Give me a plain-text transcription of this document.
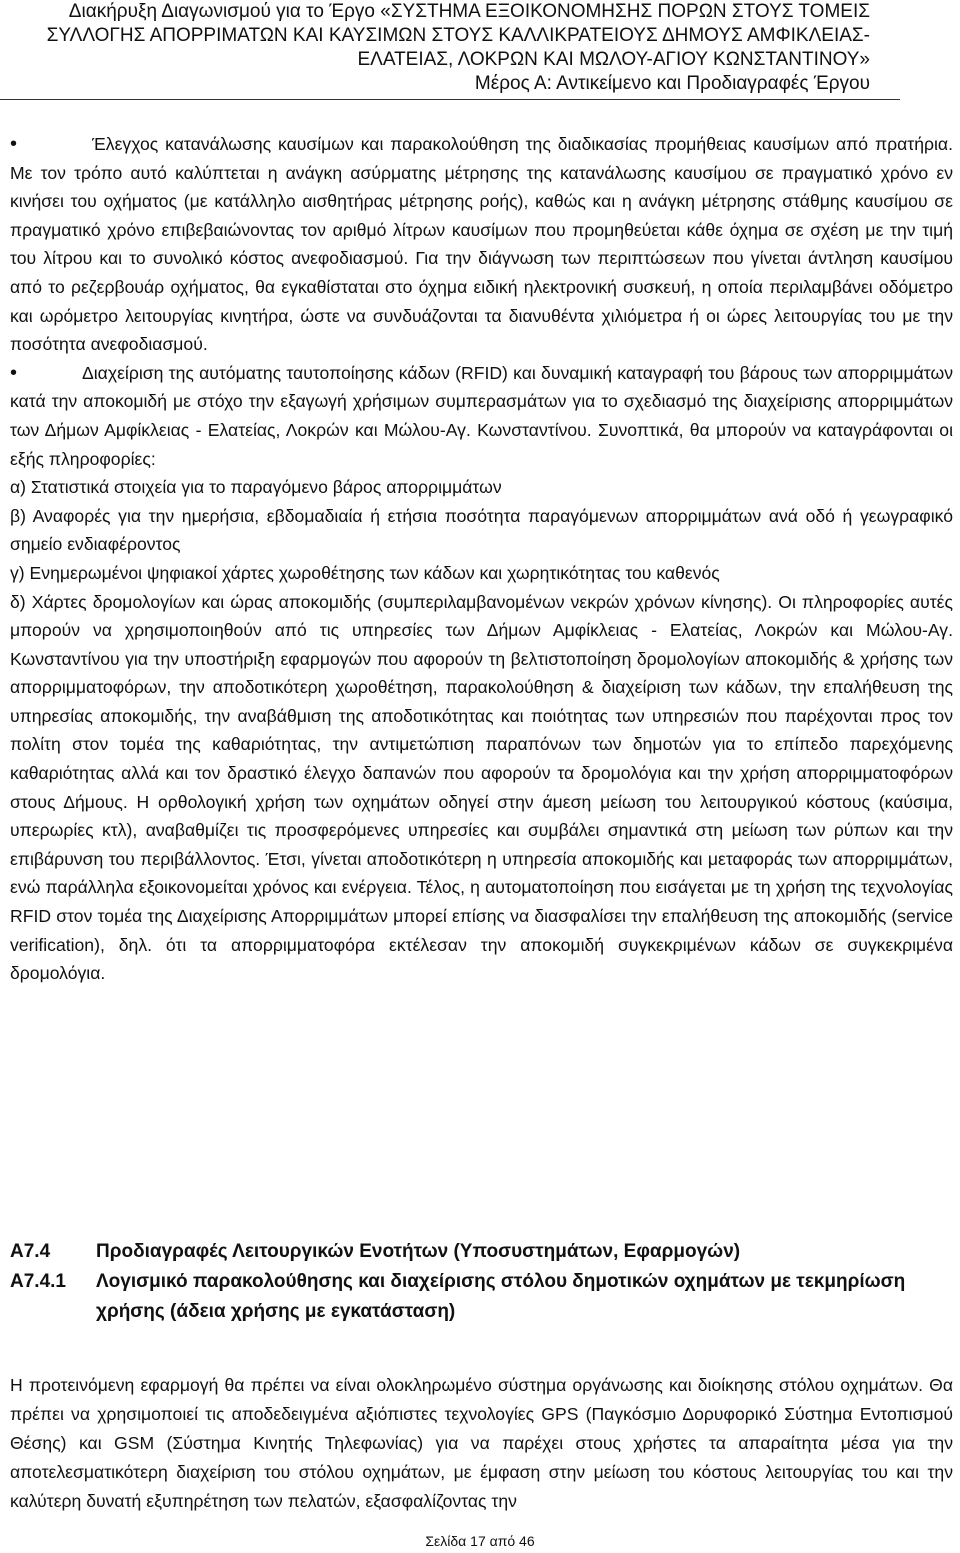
Διακήρυξη Διαγωνισμού για το Έργο «ΣΥΣΤΗΜΑ ΕΞΟΙΚΟΝΟΜΗΣΗΣ ΠΟΡΩΝ ΣΤΟΥΣ ΤΟΜΕΙΣ
ΣΥΛΛΟΓΗΣ ΑΠΟΡΡΙΜΑΤΩΝ ΚΑΙ ΚΑΥΣΙΜΩΝ ΣΤΟΥΣ ΚΑΛΛΙΚΡΑΤΕΙΟΥΣ ΔΗΜΟΥΣ ΑΜΦΙΚΛΕΙΑΣ-
ΕΛΑΤΕΙΑΣ, ΛΟΚΡΩΝ ΚΑΙ ΜΩΛΟΥ-ΑΓΙΟΥ ΚΩΝΣΤΑΝΤΙΝΟΥ»
Μέρος Α: Αντικείμενο και Προδιαγραφές Έργου

•	Έλεγχος κατανάλωσης καυσίμων και παρακολούθηση της διαδικασίας προμήθειας καυσίμων από πρατήρια. Με τον τρόπο αυτό καλύπτεται η ανάγκη ασύρματης μέτρησης της κατανάλωσης καυσίμου σε πραγματικό χρόνο εν κινήσει του οχήματος (με κατάλληλο αισθητήρας μέτρησης ροής), καθώς και η ανάγκη μέτρησης στάθμης καυσίμου σε πραγματικό χρόνο επιβεβαιώνοντας τον αριθμό λίτρων καυσίμων που προμηθεύεται κάθε όχημα σε σχέση με την τιμή του λίτρου και το συνολικό κόστος ανεφοδιασμού. Για την διάγνωση των περιπτώσεων που γίνεται άντληση καυσίμου από το ρεζερβουάρ οχήματος, θα εγκαθίσταται στο όχημα ειδική ηλεκτρονική συσκευή, η οποία περιλαμβάνει οδόμετρο και ωρόμετρο λειτουργίας κινητήρα, ώστε να συνδυάζονται τα διανυθέντα χιλιόμετρα ή οι ώρες λειτουργίας του με την ποσότητα ανεφοδιασμού.

•	Διαχείριση της αυτόματης ταυτοποίησης κάδων (RFID) και δυναμική καταγραφή του βάρους των απορριμμάτων κατά την αποκομιδή με στόχο την εξαγωγή χρήσιμων συμπερασμάτων για το σχεδιασμό της διαχείρισης απορριμμάτων των Δήμων Αμφίκλειας - Ελατείας, Λοκρών και Μώλου-Αγ. Κωνσταντίνου. Συνοπτικά, θα μπορούν να καταγράφονται οι εξής πληροφορίες:

α) Στατιστικά στοιχεία για το παραγόμενο βάρος απορριμμάτων

β) Αναφορές για την ημερήσια, εβδομαδιαία ή ετήσια ποσότητα παραγόμενων απορριμμάτων ανά οδό ή γεωγραφικό σημείο ενδιαφέροντος

γ) Ενημερωμένοι ψηφιακοί χάρτες χωροθέτησης των κάδων και χωρητικότητας του καθενός

δ) Χάρτες δρομολογίων και ώρας αποκομιδής (συμπεριλαμβανομένων νεκρών χρόνων κίνησης). Οι πληροφορίες αυτές μπορούν να χρησιμοποιηθούν από τις υπηρεσίες των Δήμων Αμφίκλειας - Ελατείας, Λοκρών και Μώλου-Αγ. Κωνσταντίνου για την υποστήριξη εφαρμογών που αφορούν τη βελτιστοποίηση δρομολογίων αποκομιδής & χρήσης των απορριμματοφόρων, την αποδοτικότερη χωροθέτηση, παρακολούθηση & διαχείριση των κάδων, την επαλήθευση της υπηρεσίας αποκομιδής, την αναβάθμιση της αποδοτικότητας και ποιότητας των υπηρεσιών που παρέχονται προς τον πολίτη στον τομέα της καθαριότητας, την αντιμετώπιση παραπόνων των δημοτών για το επίπεδο παρεχόμενης καθαριότητας αλλά και τον δραστικό έλεγχο δαπανών που αφορούν τα δρομολόγια και την χρήση απορριμματοφόρων στους Δήμους. Η ορθολογική χρήση των οχημάτων οδηγεί στην άμεση μείωση του λειτουργικού κόστους (καύσιμα, υπερωρίες κτλ), αναβαθμίζει τις προσφερόμενες υπηρεσίες και συμβάλει σημαντικά στη μείωση των ρύπων και την επιβάρυνση του περιβάλλοντος. Έτσι, γίνεται αποδοτικότερη η υπηρεσία αποκομιδής και μεταφοράς των απορριμμάτων, ενώ παράλληλα εξοικονομείται χρόνος και ενέργεια. Τέλος, η αυτοματοποίηση που εισάγεται με τη χρήση της τεχνολογίας RFID στον τομέα της Διαχείρισης Απορριμμάτων μπορεί επίσης να διασφαλίσει την επαλήθευση της αποκομιδής (service verification), δηλ. ότι τα απορριμματοφόρα εκτέλεσαν την αποκομιδή συγκεκριμένων κάδων σε συγκεκριμένα δρομολόγια.

Α7.4	Προδιαγραφές Λειτουργικών Ενοτήτων (Υποσυστημάτων, Εφαρμογών)
Α7.4.1	Λογισμικό παρακολούθησης και διαχείρισης στόλου δημοτικών οχημάτων με τεκμηρίωση χρήσης (άδεια χρήσης με εγκατάσταση)

Η προτεινόμενη εφαρμογή θα πρέπει να είναι ολοκληρωμένο σύστημα οργάνωσης και διοίκησης στόλου οχημάτων. Θα πρέπει να χρησιμοποιεί τις αποδεδειγμένα αξιόπιστες τεχνολογίες GPS (Παγκόσμιο Δορυφορικό Σύστημα Εντοπισμού Θέσης) και GSM (Σύστημα Κινητής Τηλεφωνίας) για να παρέχει στους χρήστες τα απαραίτητα μέσα για την αποτελεσματικότερη διαχείριση του στόλου οχημάτων, με έμφαση στην μείωση του κόστους λειτουργίας του και την καλύτερη δυνατή εξυπηρέτηση των πελατών, εξασφαλίζοντας την

Σελίδα 17 από 46
